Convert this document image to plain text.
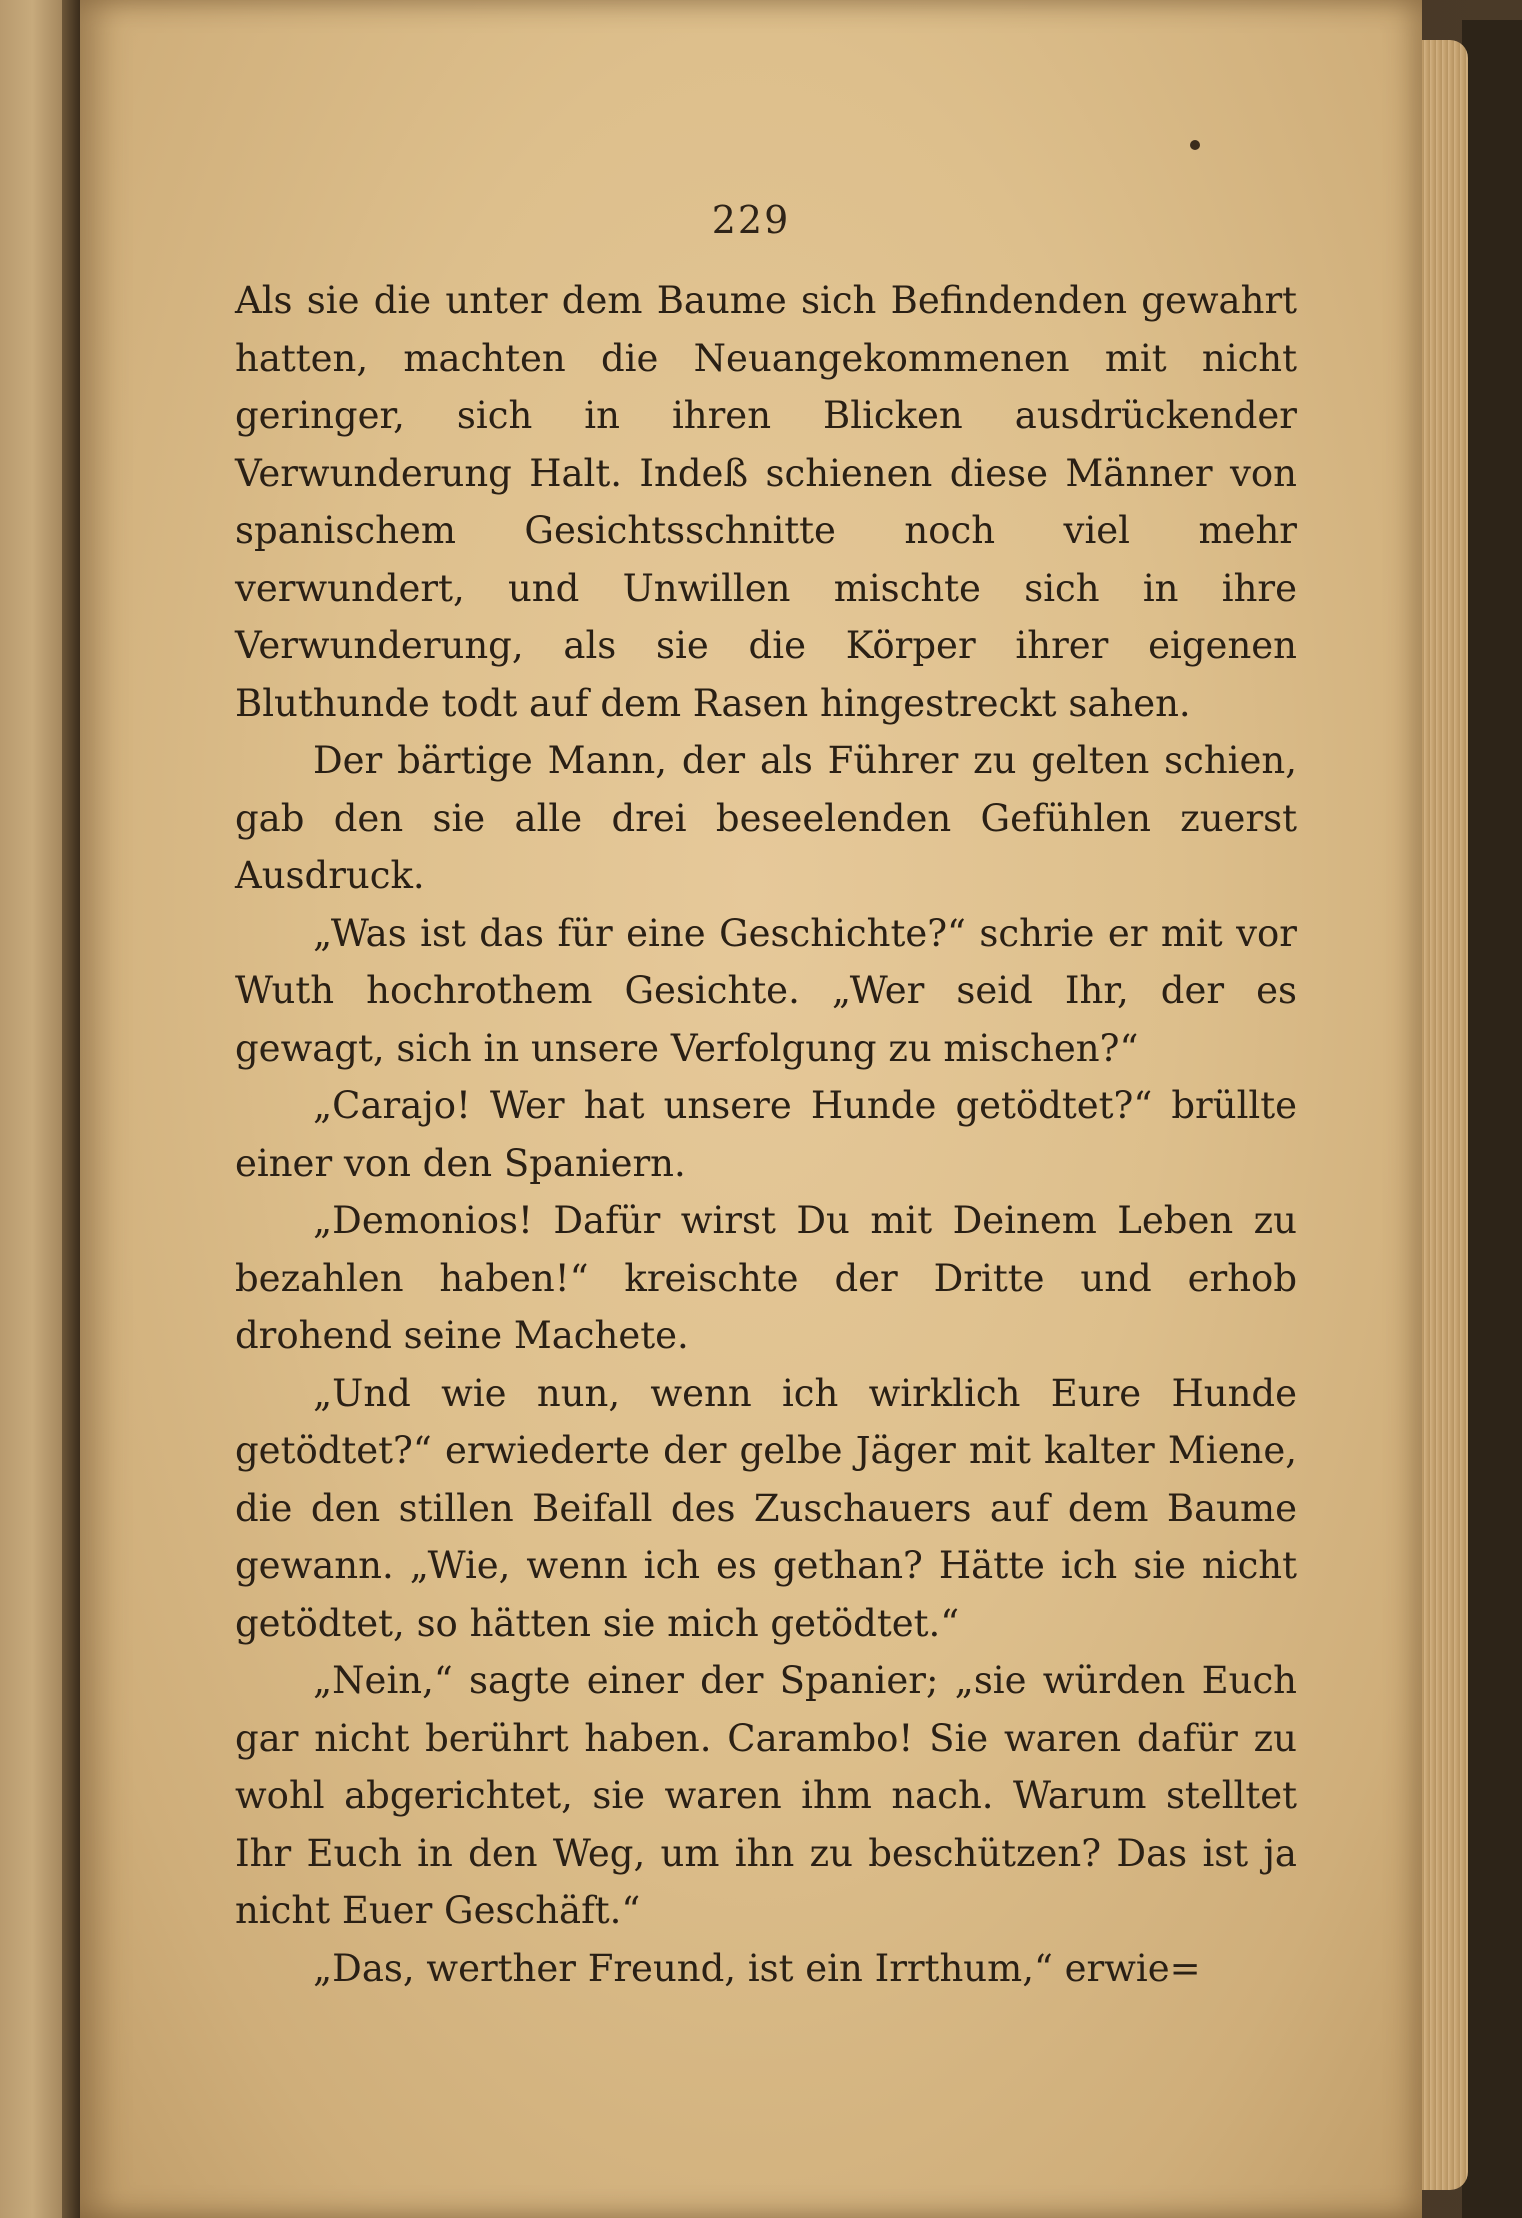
229

Als sie die unter dem Baume sich Befindenden gewahrt hatten, machten die Neuangekommenen mit nicht geringer, sich in ihren Blicken ausdrückender Verwunderung Halt. Indeß schienen diese Männer von spanischem Gesichtsschnitte noch viel mehr verwundert, und Unwillen mischte sich in ihre Verwunderung, als sie die Körper ihrer eigenen Bluthunde todt auf dem Rasen hingestreckt sahen.

Der bärtige Mann, der als Führer zu gelten schien, gab den sie alle drei beseelenden Gefühlen zuerst Ausdruck.

„Was ist das für eine Geschichte?“ schrie er mit vor Wuth hochrothem Gesichte. „Wer seid Ihr, der es gewagt, sich in unsere Verfolgung zu mischen?“

„Carajo! Wer hat unsere Hunde getödtet?“ brüllte einer von den Spaniern.

„Demonios! Dafür wirst Du mit Deinem Leben zu bezahlen haben!“ kreischte der Dritte und erhob drohend seine Machete.

„Und wie nun, wenn ich wirklich Eure Hunde getödtet?“ erwiederte der gelbe Jäger mit kalter Miene, die den stillen Beifall des Zuschauers auf dem Baume gewann. „Wie, wenn ich es gethan? Hätte ich sie nicht getödtet, so hätten sie mich getödtet.“

„Nein,“ sagte einer der Spanier; „sie würden Euch gar nicht berührt haben. Carambo! Sie waren dafür zu wohl abgerichtet, sie waren ihm nach. Warum stelltet Ihr Euch in den Weg, um ihn zu beschützen? Das ist ja nicht Euer Geschäft.“

„Das, werther Freund, ist ein Irrthum,“ erwie=
